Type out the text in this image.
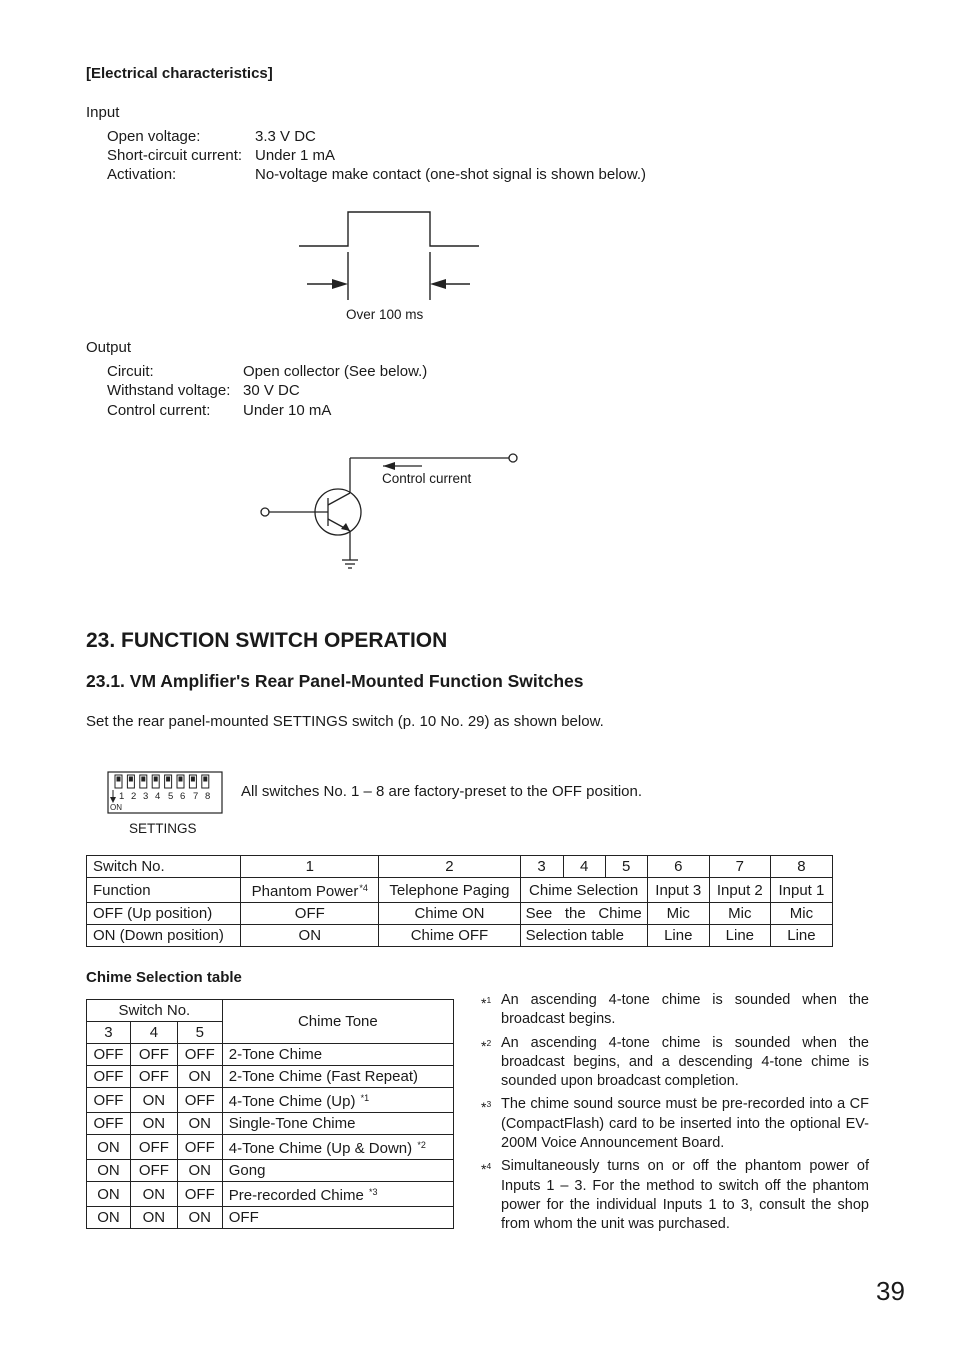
[Electrical characteristics]
Input
Open voltage:	3.3 V DC
Short-circuit current: Under 1 mA
Activation:	No-voltage make contact (one-shot signal is shown below.)
Over 100 ms
Output
Circuit:	Open collector (See below.)
Withstand voltage: 30 V DC
Control current: Under 10 mA
Control current
23. FUNCTION SWITCH OPERATION
23.1. VM Amplifier's Rear Panel-Mounted Function Switches
Set the rear panel-mounted SETTINGS switch (p. 10 No. 29) as shown below.
1 2 3 4 5 6 7 8
ON
SETTINGS
All switches No. 1 – 8 are factory-preset to the OFF position.
Switch No.	1	2	3	4	5	6	7	8
Function	Phantom Power$^{*4}$	Telephone Paging	Chime Selection			Input 3	Input 2	Input 1
OFF (Up position)	OFF	Chime ON	See the Chime			Mic	Mic	Mic
ON (Down position)	ON	Chime OFF	Selection table			Line	Line	Line
Chime Selection table
Switch No.			Chime Tone
3	4	5	
OFF	OFF	OFF	2-Tone Chime
OFF	OFF	ON	2-Tone Chime (Fast Repeat)
OFF	ON	OFF	4-Tone Chime (Up) $^{*1}$
OFF	ON	ON	Single-Tone Chime
ON	OFF	OFF	4-Tone Chime (Up & Down) $^{*2}$
ON	OFF	ON	Gong
ON	ON	OFF	Pre-recorded Chime $^{*3}$
ON	ON	ON	OFF
*$^1$ An ascending 4-tone chime is sounded when the broadcast begins.
*$^2$ An ascending 4-tone chime is sounded when the broadcast begins, and a descending 4-tone chime is sounded upon broadcast completion.
*$^3$ The chime sound source must be pre-recorded into a CF (CompactFlash) card to be inserted into the optional EV-200M Voice Announcement Board.
*$^4$ Simultaneously turns on or off the phantom power of Inputs 1 – 3. For the method to switch off the phantom power for the individual Inputs 1 to 3, consult the shop from whom the unit was purchased.
39
